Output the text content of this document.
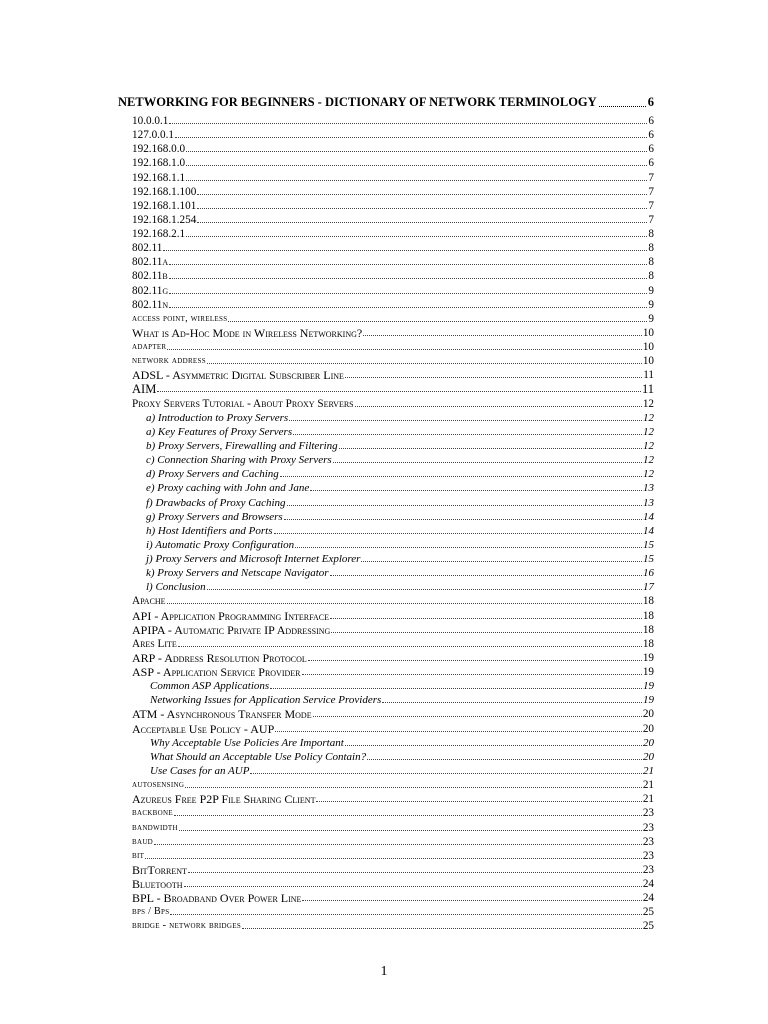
NETWORKING FOR BEGINNERS - DICTIONARY OF NETWORK TERMINOLOGY	6
10.0.0.1	6
127.0.0.1	6
192.168.0.0	6
192.168.1.0	6
192.168.1.1	7
192.168.1.100	7
192.168.1.101	7
192.168.1.254	7
192.168.2.1	8
802.11	8
802.11a	8
802.11b	8
802.11g	9
802.11n	9
access point, wireless	9
What is Ad-Hoc Mode in Wireless Networking?	10
adapter	10
network address	10
ADSL - Asymmetric Digital Subscriber Line	11
AIM	11
Proxy Servers Tutorial - About Proxy Servers	12
a) Introduction to Proxy Servers	12
a) Key Features of Proxy Servers	12
b) Proxy Servers, Firewalling and Filtering	12
c) Connection Sharing with Proxy Servers	12
d) Proxy Servers and Caching	12
e) Proxy caching with John and Jane	13
f) Drawbacks of Proxy Caching	13
g) Proxy Servers and Browsers	14
h) Host Identifiers and Ports	14
i) Automatic Proxy Configuration	15
j) Proxy Servers and Microsoft Internet Explorer	15
k) Proxy Servers and Netscape Navigator	16
l) Conclusion	17
Apache	18
API - Application Programming Interface	18
APIPA - Automatic Private IP Addressing	18
Ares Lite	18
ARP - Address Resolution Protocol	19
ASP - Application Service Provider	19
Common ASP Applications	19
Networking Issues for Application Service Providers	19
ATM - Asynchronous Transfer Mode	20
Acceptable Use Policy - AUP	20
Why Acceptable Use Policies Are Important	20
What Should an Acceptable Use Policy Contain?	20
Use Cases for an AUP	21
autosensing	21
Azureus Free P2P File Sharing Client	21
backbone	23
bandwidth	23
baud	23
bit	23
BitTorrent	23
Bluetooth	24
BPL - Broadband Over Power Line	24
bps / Bps	25
bridge - network bridges	25
1
